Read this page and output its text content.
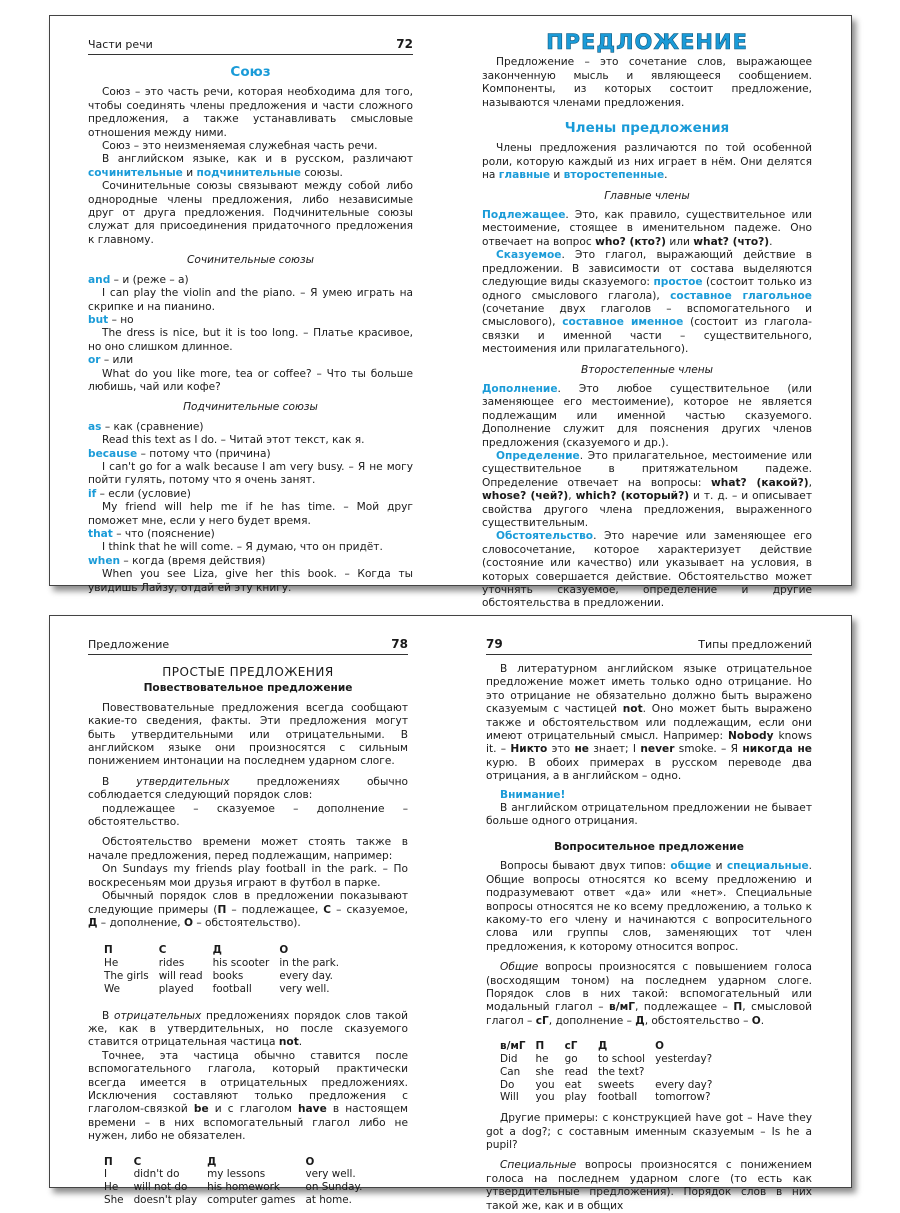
Части речи	72
Союз

Союз – это часть речи, которая необходима для того, чтобы соединять члены предложения и части сложного предложения, а также устанавливать смысловые отношения между ними.

Союз – это неизменяемая служебная часть речи.

В английском языке, как и в русском, различают сочинительные и подчинительные союзы.

Сочинительные союзы связывают между собой либо однородные члены предложения, либо независимые друг от друга предложения. Подчинительные союзы служат для присоединения придаточного предложения к главному.

Сочинительные союзы

and – и (реже – а)

I can play the violin and the piano. – Я умею играть на скрипке и на пианино.

but – но

The dress is nice, but it is too long. – Платье красивое, но оно слишком длинное.

or – или

What do you like more, tea or coffee? – Что ты больше любишь, чай или кофе?

Подчинительные союзы

as – как (сравнение)

Read this text as I do. – Читай этот текст, как я.

because – потому что (причина)

I can't go for a walk because I am very busy. – Я не могу пойти гулять, потому что я очень занят.

if – если (условие)

My friend will help me if he has time. – Мой друг поможет мне, если у него будет время.

that – что (пояснение)

I think that he will come. – Я думаю, что он придёт.

when – когда (время действия)

When you see Liza, give her this book. – Когда ты увидишь Лайзу, отдай ей эту книгу.

ПРЕДЛОЖЕНИЕ

Предложение – это сочетание слов, выражающее законченную мысль и являющееся сообщением. Компоненты, из которых состоит предложение, называются членами предложения.

Члены предложения

Члены предложения различаются по той особенной роли, которую каждый из них играет в нём. Они делятся на главные и второстепенные.

Главные члены

Подлежащее. Это, как правило, существительное или местоимение, стоящее в именительном падеже. Оно отвечает на вопрос who? (кто?) или what? (что?).

Сказуемое. Это глагол, выражающий действие в предложении. В зависимости от состава выделяются следующие виды сказуемого: простое (состоит только из одного смыслового глагола), составное глагольное (сочетание двух глаголов – вспомогательного и смыслового), составное именное (состоит из глагола-связки и именной части – существительного, местоимения или прилагательного).

Второстепенные члены

Дополнение. Это любое существительное (или заменяющее его местоимение), которое не является подлежащим или именной частью сказуемого. Дополнение служит для пояснения других членов предложения (сказуемого и др.).

Определение. Это прилагательное, местоимение или существительное в притяжательном падеже. Определение отвечает на вопросы: what? (какой?), whose? (чей?), which? (который?) и т. д. – и описывает свойства другого члена предложения, выраженного существительным.

Обстоятельство. Это наречие или заменяющее его словосочетание, которое характеризует действие (состояние или качество) или указывает на условия, в которых совершается действие. Обстоятельство может уточнять сказуемое, определение и другие обстоятельства в предложении.

Предложение	78
ПРОСТЫЕ ПРЕДЛОЖЕНИЯ
Повествовательное предложение

Повествовательные предложения всегда сообщают какие-то сведения, факты. Эти предложения могут быть утвердительными или отрицательными. В английском языке они произносятся с сильным понижением интонации на последнем ударном слоге.

В утвердительных предложениях обычно соблюдается следующий порядок слов:

подлежащее – сказуемое – дополнение – обстоятельство.

Обстоятельство времени может стоять также в начале предложения, перед подлежащим, например:

On Sundays my friends play football in the park. – По воскресеньям мои друзья играют в футбол в парке.

Обычный порядок слов в предложении показывают следующие примеры (П – подлежащее, С – сказуемое, Д – дополнение, О – обстоятельство).

П	С	Д	О
He	rides	his scooter	in the park.
The girls	will read	books	every day.
We	played	football	very well.

В отрицательных предложениях порядок слов такой же, как в утвердительных, но после сказуемого ставится отрицательная частица not.

Точнее, эта частица обычно ставится после вспомогательного глагола, который практически всегда имеется в отрицательных предложениях. Исключения составляют только предложения с глаголом-связкой be и с глаголом have в настоящем времени – в них вспомогательный глагол либо не нужен, либо не обязателен.

П	С	Д	О
I	didn't do	my lessons	very well.
He	will not do	his homework	on Sunday.
She	doesn't play	computer games	at home.
79	Типы предложений

В литературном английском языке отрицательное предложение может иметь только одно отрицание. Но это отрицание не обязательно должно быть выражено сказуемым с частицей not. Оно может быть выражено также и обстоятельством или подлежащим, если они имеют отрицательный смысл. Например: Nobody knows it. – Никто это не знает; I never smoke. – Я никогда не курю. В обоих примерах в русском переводе два отрицания, а в английском – одно.

Внимание!

В английском отрицательном предложении не бывает больше одного отрицания.

Вопросительное предложение

Вопросы бывают двух типов: общие и специальные. Общие вопросы относятся ко всему предложению и подразумевают ответ «да» или «нет». Специальные вопросы относятся не ко всему предложению, а только к какому-то его члену и начинаются с вопросительного слова или группы слов, заменяющих тот член предложения, к которому относится вопрос.

Общие вопросы произносятся с повышением голоса (восходящим тоном) на последнем ударном слоге. Порядок слов в них такой: вспомогательный или модальный глагол – в/мГ, подлежащее – П, смысловой глагол – сГ, дополнение – Д, обстоятельство – О.

в/мГ	П	сГ	Д	О
Did	he	go	to school	yesterday?
Can	she	read	the text?	
Do	you	eat	sweets	every day?
Will	you	play	football	tomorrow?

Другие примеры: с конструкцией have got – Have they got a dog?; с составным именным сказуемым – Is he a pupil?

Специальные вопросы произносятся с понижением голоса на последнем ударном слоге (то есть как утвердительные предложения). Порядок слов в них такой же, как и в общих
